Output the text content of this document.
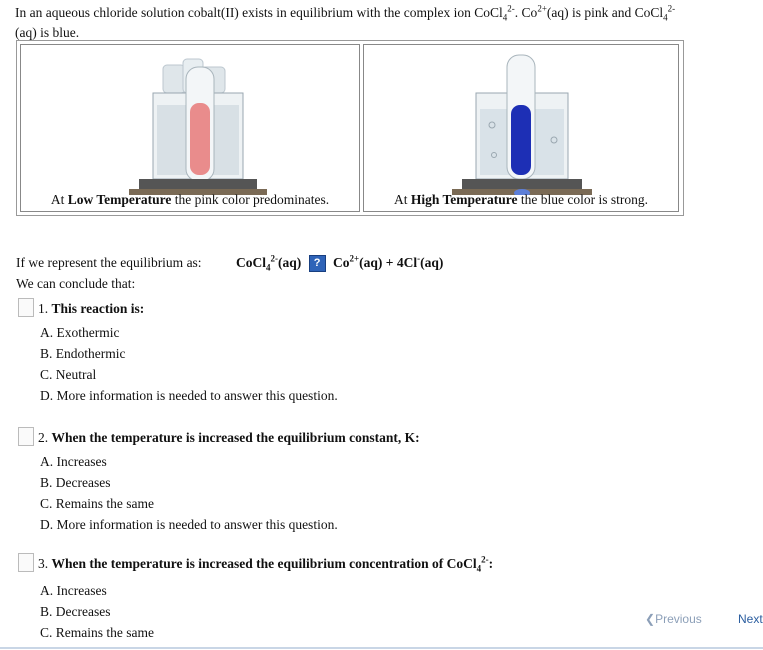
In an aqueous chloride solution cobalt(II) exists in equilibrium with the complex ion CoCl$_4^{2-}$. $Co^{2+}(aq)$ is pink and CoCl$_4^{2-}$
(aq) is blue.
At Low Temperature the pink color predominates.	At High Temperature the blue color is strong.
If we represent the equilibrium as:	CoCl$_4^{2-}$(aq) ? $Co^{2+}(aq) + 4Cl^-(aq)$
We can conclude that:
1. This reaction is:
A. Exothermic
B. Endothermic
C. Neutral
D. More information is needed to answer this question.
2. When the temperature is increased the equilibrium constant, K:
A. Increases
B. Decreases
C. Remains the same
D. More information is needed to answer this question.
3. When the temperature is increased the equilibrium concentration of CoCl$_4^{2-}$:
A. Increases
B. Decreases
C. Remains the same
❮Previous	Next
